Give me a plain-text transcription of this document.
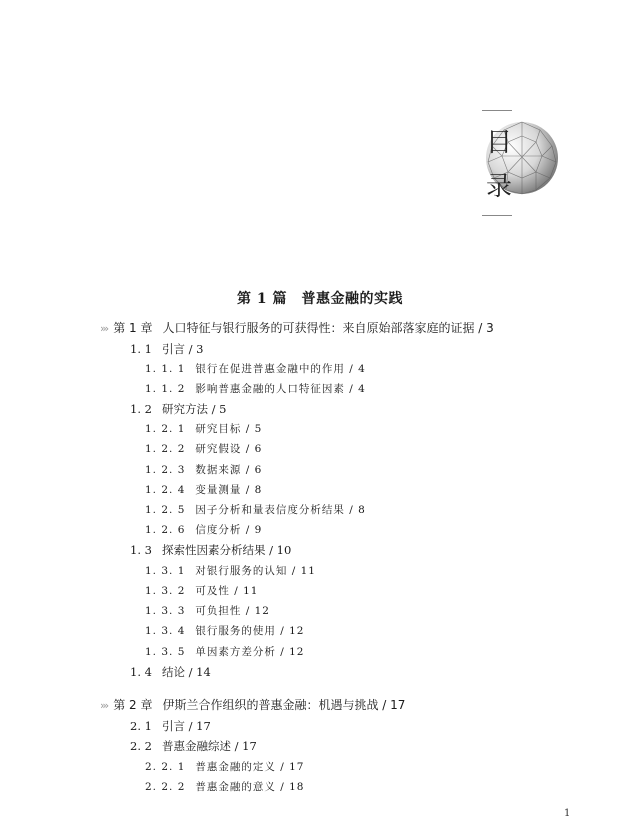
目
录
第 1 篇　普惠金融的实践
››› 第 1 章 人口特征与银行服务的可获得性：来自原始部落家庭的证据 / 3
1. 1 引言 / 3
1. 1. 1 银行在促进普惠金融中的作用 / 4
1. 1. 2 影响普惠金融的人口特征因素 / 4
1. 2 研究方法 / 5
1. 2. 1 研究目标 / 5
1. 2. 2 研究假设 / 6
1. 2. 3 数据来源 / 6
1. 2. 4 变量测量 / 8
1. 2. 5 因子分析和量表信度分析结果 / 8
1. 2. 6 信度分析 / 9
1. 3 探索性因素分析结果 / 10
1. 3. 1 对银行服务的认知 / 11
1. 3. 2 可及性 / 11
1. 3. 3 可负担性 / 12
1. 3. 4 银行服务的使用 / 12
1. 3. 5 单因素方差分析 / 12
1. 4 结论 / 14
››› 第 2 章 伊斯兰合作组织的普惠金融：机遇与挑战 / 17
2. 1 引言 / 17
2. 2 普惠金融综述 / 17
2. 2. 1 普惠金融的定义 / 17
2. 2. 2 普惠金融的意义 / 18
1
